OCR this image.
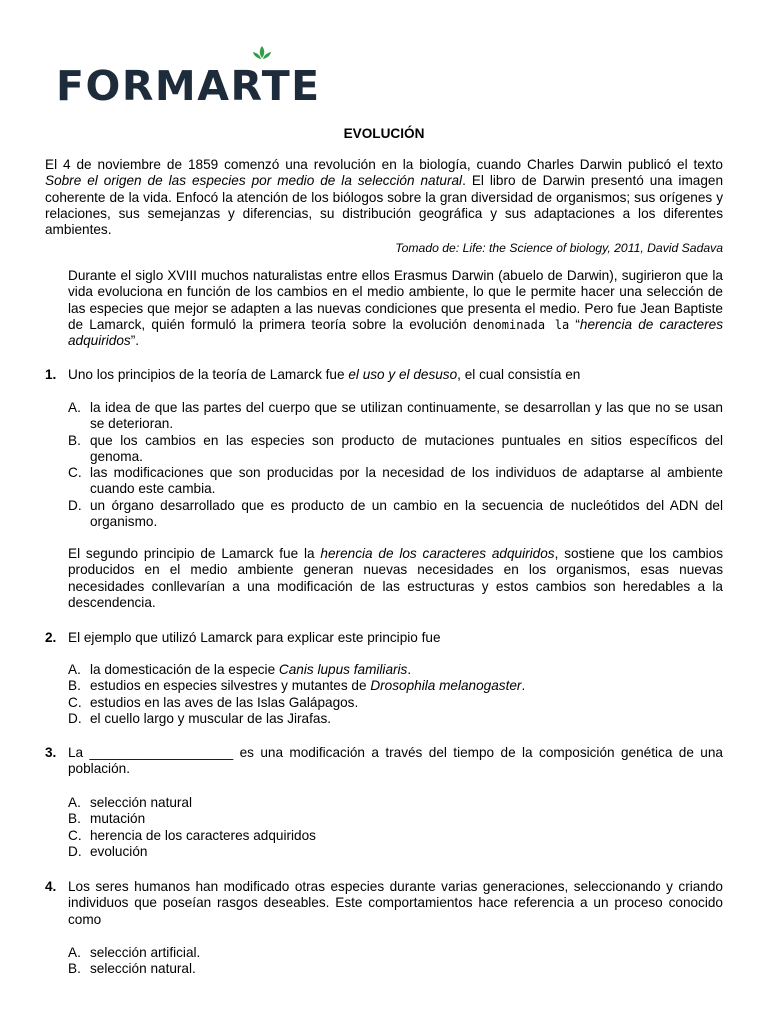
FORMARTE
EVOLUCIÓN
El 4 de noviembre de 1859 comenzó una revolución en la biología, cuando Charles Darwin publicó el texto Sobre el origen de las especies por medio de la selección natural. El libro de Darwin presentó una imagen coherente de la vida. Enfocó la atención de los biólogos sobre la gran diversidad de organismos; sus orígenes y relaciones, sus semejanzas y diferencias, su distribución geográfica y sus adaptaciones a los diferentes ambientes.
Tomado de: Life: the Science of biology, 2011, David Sadava
Durante el siglo XVIII muchos naturalistas entre ellos Erasmus Darwin (abuelo de Darwin), sugirieron que la vida evoluciona en función de los cambios en el medio ambiente, lo que le permite hacer una selección de las especies que mejor se adapten a las nuevas condiciones que presenta el medio. Pero fue Jean Baptiste de Lamarck, quién formuló la primera teoría sobre la evolución denominada la “herencia de caracteres adquiridos”.
1. Uno los principios de la teoría de Lamarck fue el uso y el desuso, el cual consistía en
A. la idea de que las partes del cuerpo que se utilizan continuamente, se desarrollan y las que no se usan se deterioran.
B. que los cambios en las especies son producto de mutaciones puntuales en sitios específicos del genoma.
C. las modificaciones que son producidas por la necesidad de los individuos de adaptarse al ambiente cuando este cambia.
D. un órgano desarrollado que es producto de un cambio en la secuencia de nucleótidos del ADN del organismo.
El segundo principio de Lamarck fue la herencia de los caracteres adquiridos, sostiene que los cambios producidos en el medio ambiente generan nuevas necesidades en los organismos, esas nuevas necesidades conllevarían a una modificación de las estructuras y estos cambios son heredables a la descendencia.
2. El ejemplo que utilizó Lamarck para explicar este principio fue
A. la domesticación de la especie Canis lupus familiaris.
B. estudios en especies silvestres y mutantes de Drosophila melanogaster.
C. estudios en las aves de las Islas Galápagos.
D. el cuello largo y muscular de las Jirafas.
3. La ___________________ es una modificación a través del tiempo de la composición genética de una población.
A. selección natural
B. mutación
C. herencia de los caracteres adquiridos
D. evolución
4. Los seres humanos han modificado otras especies durante varias generaciones, seleccionando y criando individuos que poseían rasgos deseables. Este comportamientos hace referencia a un proceso conocido como
A. selección artificial.
B. selección natural.
